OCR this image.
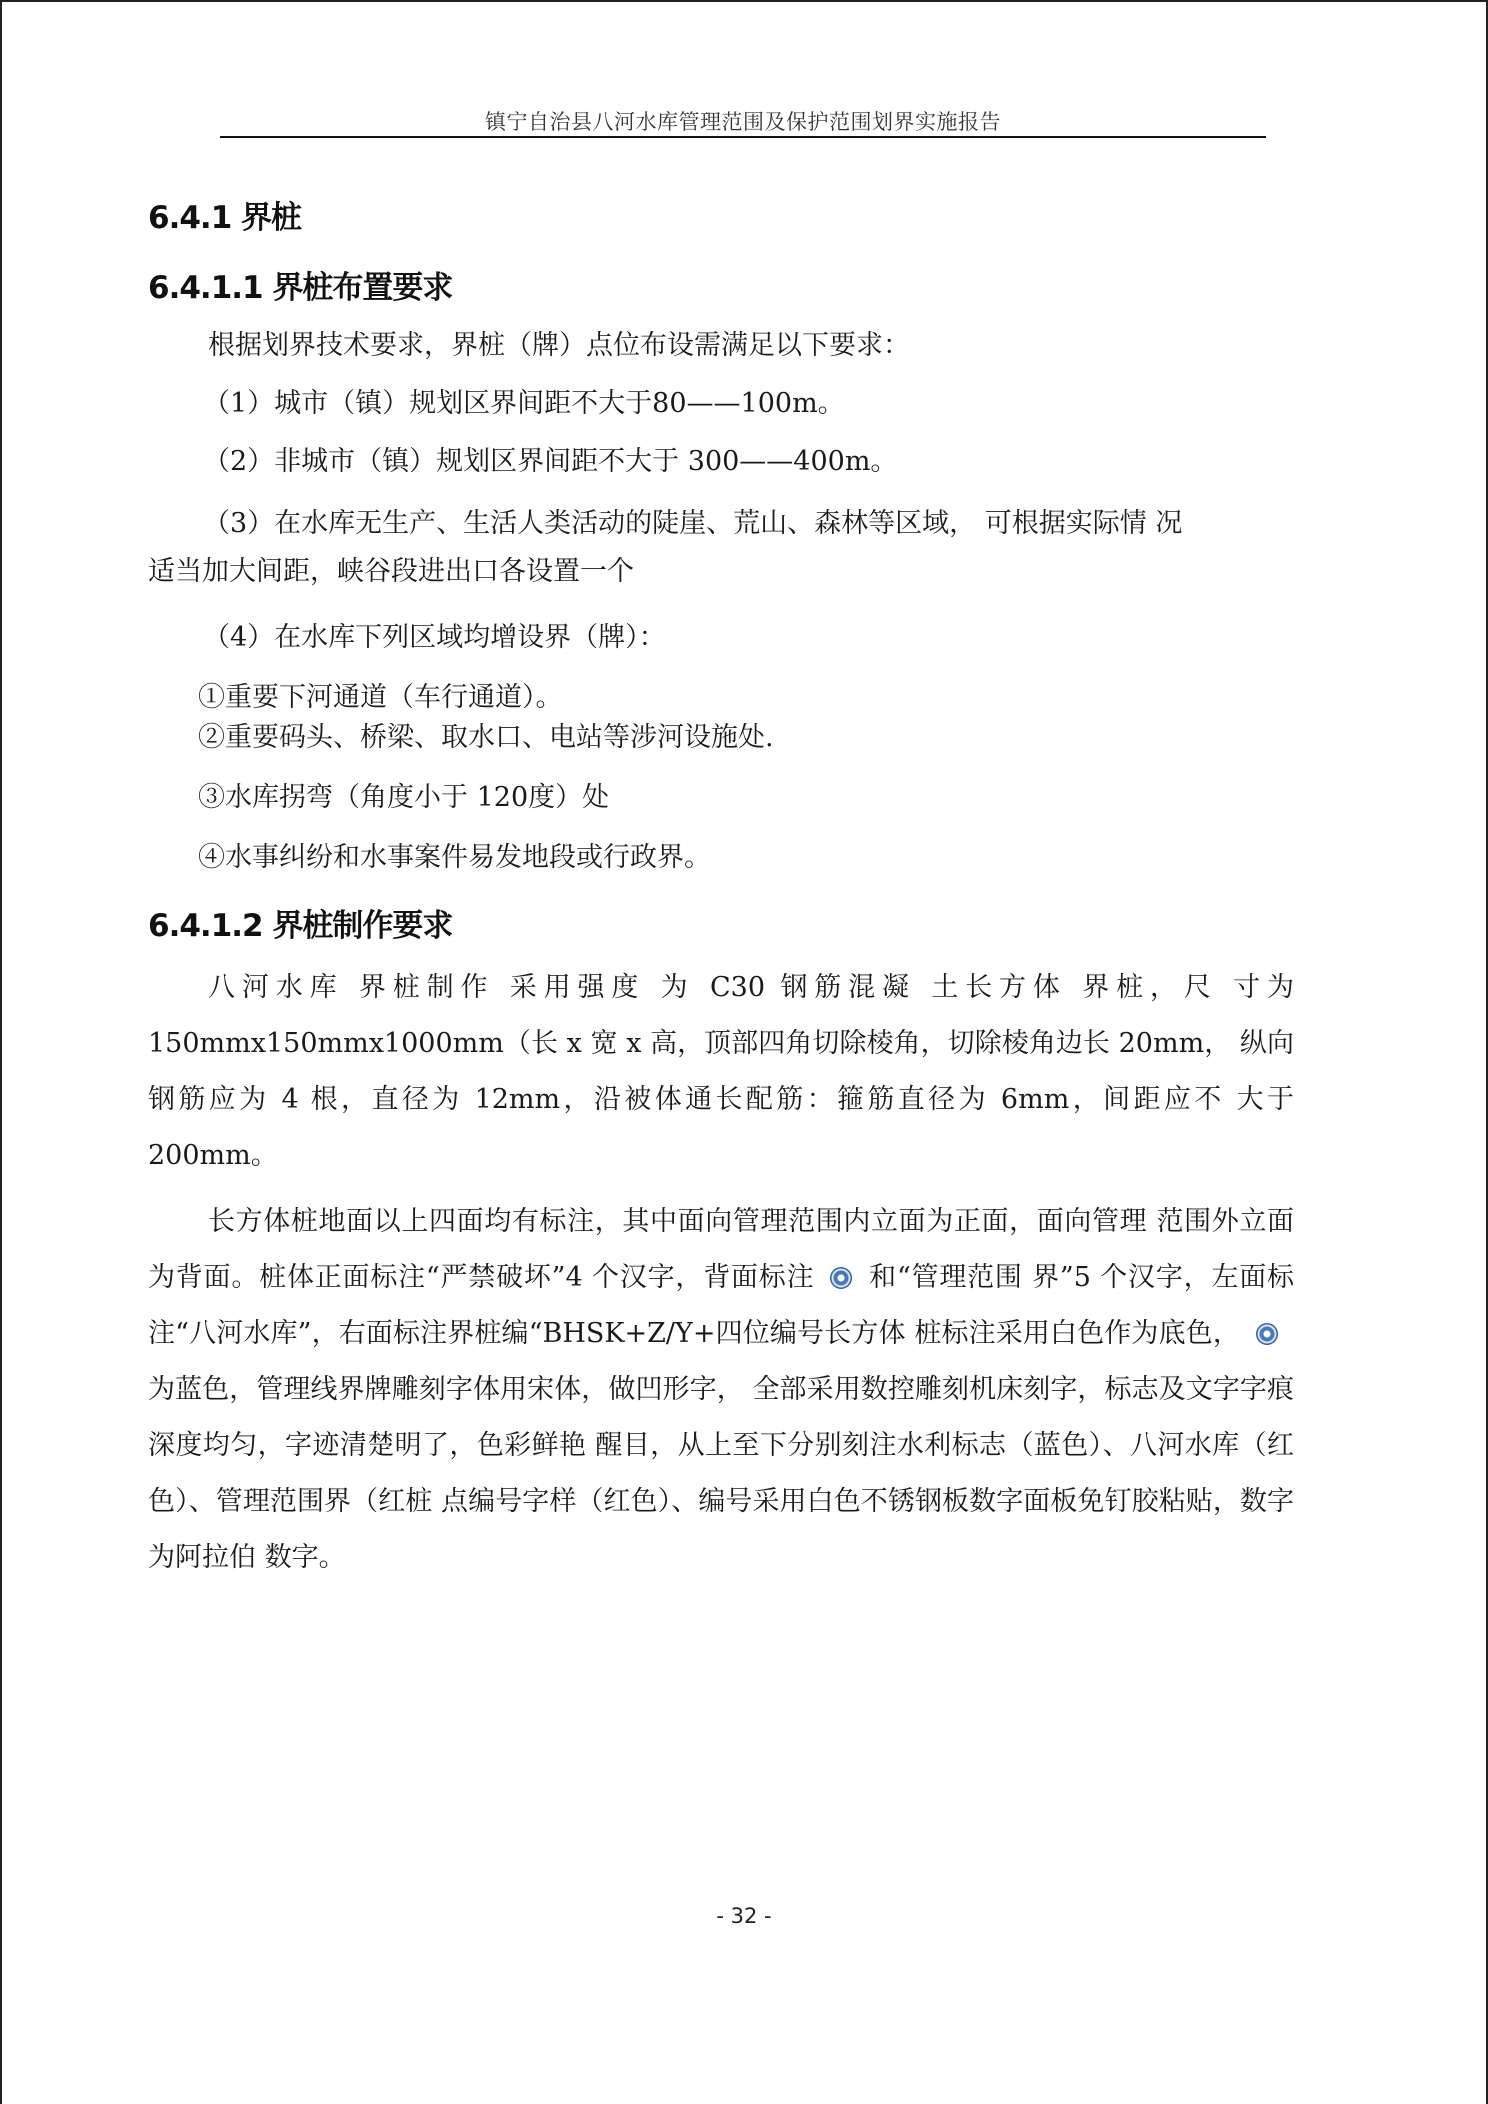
镇宁自治县八河水库管理范围及保护范围划界实施报告
6.4.1 界桩
6.4.1.1 界桩布置要求

根据划界技术要求，界桩（牌）点位布设需满足以下要求：

（1）城市（镇）规划区界间距不大于80——100m。

（2）非城市（镇）规划区界间距不大于 300——400m。

（3）在水库无生产、生活人类活动的陡崖、荒山、森林等区域， 可根据实际情 况

适当加大间距，峡谷段进出口各设置一个

（4）在水库下列区域均增设界（牌）：

①重要下河通道（车行通道）。

②重要码头、桥梁、取水口、电站等涉河设施处.

③水库拐弯（角度小于 120度）处

④水事纠纷和水事案件易发地段或行政界。

6.4.1.2 界桩制作要求

八河水库 界桩制作 采用强度 为 C30 钢筋混凝 土长方体 界桩，尺 寸为150mmx150mmx1000mm（长 x 宽 x 高，顶部四角切除棱角，切除棱角边长 20mm， 纵向钢筋应为 4 根，直径为 12mm，沿被体通长配筋：箍筋直径为 6mm，间距应不 大于200mm。

长方体桩地面以上四面均有标注，其中面向管理范围内立面为正面，面向管理 范围外立面为背面。桩体正面标注“严禁破坏”4 个汉字，背面标注 和“管理范围 界”5 个汉字，左面标注“八河水库”，右面标注界桩编“BHSK+Z/Y+四位编号长方体 桩标注采用白色作为底色，为蓝色，管理线界牌雕刻字体用宋体，做凹形字， 全部采用数控雕刻机床刻字，标志及文字字痕深度均匀，字迹清楚明了，色彩鲜艳 醒目，从上至下分别刻注水利标志（蓝色）、八河水库（红色）、管理范围界（红桩 点编号字样（红色）、编号采用白色不锈钢板数字面板免钉胶粘贴，数字为阿拉伯 数字。

- 32 -
